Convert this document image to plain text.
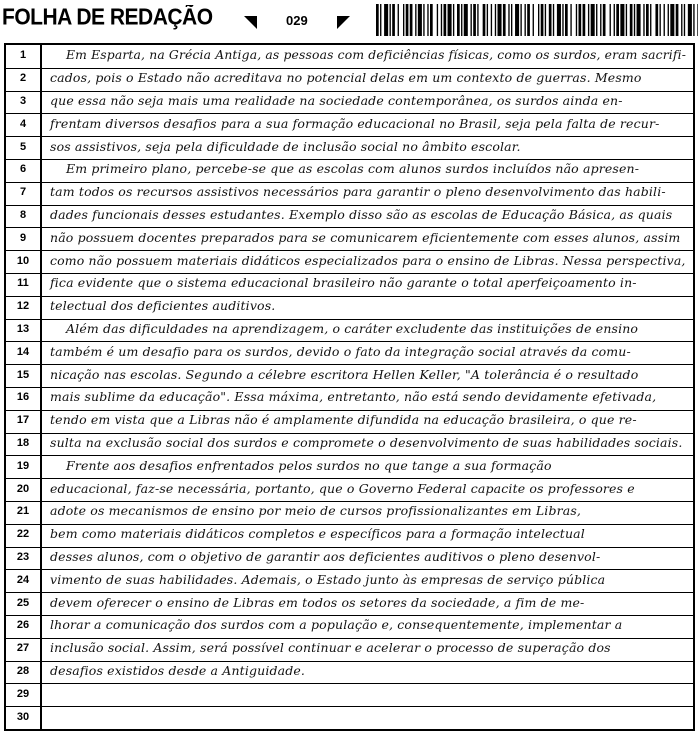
FOLHA DE REDAÇÃO	029
1
2
3
4
5
6
7
8
9
10
11
12
13
14
15
16
17
18
19
20
21
22
23
24
25
26
27
28
29
30
Em Esparta, na Grécia Antiga, as pessoas com deficiências físicas, como os surdos, eram sacrifi-
cados, pois o Estado não acreditava no potencial delas em um contexto de guerras. Mesmo
que essa não seja mais uma realidade na sociedade contemporânea, os surdos ainda en-
frentam diversos desafios para a sua formação educacional no Brasil, seja pela falta de recur-
sos assistivos, seja pela dificuldade de inclusão social no âmbito escolar.
Em primeiro plano, percebe-se que as escolas com alunos surdos incluídos não apresen-
tam todos os recursos assistivos necessários para garantir o pleno desenvolvimento das habili-
dades funcionais desses estudantes. Exemplo disso são as escolas de Educação Básica, as quais
não possuem docentes preparados para se comunicarem eficientemente com esses alunos, assim
como não possuem materiais didáticos especializados para o ensino de Libras. Nessa perspectiva,
fica evidente que o sistema educacional brasileiro não garante o total aperfeiçoamento in-
telectual dos deficientes auditivos.
Além das dificuldades na aprendizagem, o caráter excludente das instituições de ensino
também é um desafio para os surdos, devido o fato da integração social através da comu-
nicação nas escolas. Segundo a célebre escritora Hellen Keller, "A tolerância é o resultado
mais sublime da educação". Essa máxima, entretanto, não está sendo devidamente efetivada,
tendo em vista que a Libras não é amplamente difundida na educação brasileira, o que re-
sulta na exclusão social dos surdos e compromete o desenvolvimento de suas habilidades sociais.
Frente aos desafios enfrentados pelos surdos no que tange a sua formação
educacional, faz-se necessária, portanto, que o Governo Federal capacite os professores e
adote os mecanismos de ensino por meio de cursos profissionalizantes em Libras,
bem como materiais didáticos completos e específicos para a formação intelectual
desses alunos, com o objetivo de garantir aos deficientes auditivos o pleno desenvol-
vimento de suas habilidades. Ademais, o Estado junto às empresas de serviço pública
devem oferecer o ensino de Libras em todos os setores da sociedade, a fim de me-
lhorar a comunicação dos surdos com a população e, consequentemente, implementar a
inclusão social. Assim, será possível continuar e acelerar o processo de superação dos
desafios existidos desde a Antiguidade.
